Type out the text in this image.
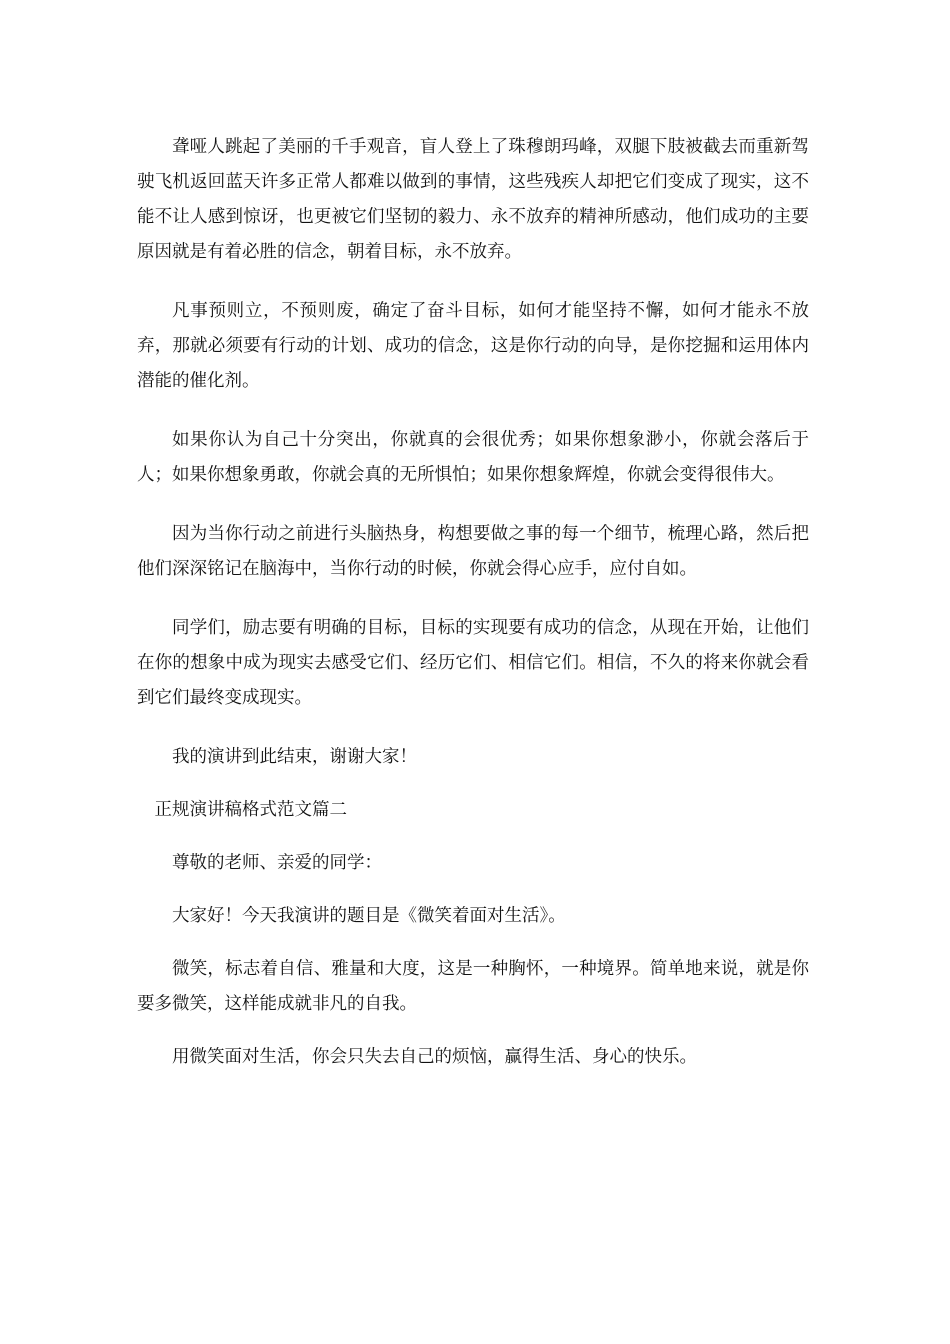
聋哑人跳起了美丽的千手观音，盲人登上了珠穆朗玛峰，双腿下肢被截去而重新驾驶飞机返回蓝天许多正常人都难以做到的事情，这些残疾人却把它们变成了现实，这不能不让人感到惊讶，也更被它们坚韧的毅力、永不放弃的精神所感动，他们成功的主要原因就是有着必胜的信念，朝着目标，永不放弃。

凡事预则立，不预则废，确定了奋斗目标，如何才能坚持不懈，如何才能永不放弃，那就必须要有行动的计划、成功的信念，这是你行动的向导，是你挖掘和运用体内潜能的催化剂。

如果你认为自己十分突出，你就真的会很优秀；如果你想象渺小，你就会落后于人；如果你想象勇敢，你就会真的无所惧怕；如果你想象辉煌，你就会变得很伟大。

因为当你行动之前进行头脑热身，构想要做之事的每一个细节，梳理心路，然后把他们深深铭记在脑海中，当你行动的时候，你就会得心应手，应付自如。

同学们，励志要有明确的目标，目标的实现要有成功的信念，从现在开始，让他们在你的想象中成为现实去感受它们、经历它们、相信它们。相信，不久的将来你就会看到它们最终变成现实。

我的演讲到此结束，谢谢大家！

正规演讲稿格式范文篇二

尊敬的老师、亲爱的同学：

大家好！今天我演讲的题目是《微笑着面对生活》。

微笑，标志着自信、雅量和大度，这是一种胸怀，一种境界。简单地来说，就是你要多微笑，这样能成就非凡的自我。

用微笑面对生活，你会只失去自己的烦恼，赢得生活、身心的快乐。
